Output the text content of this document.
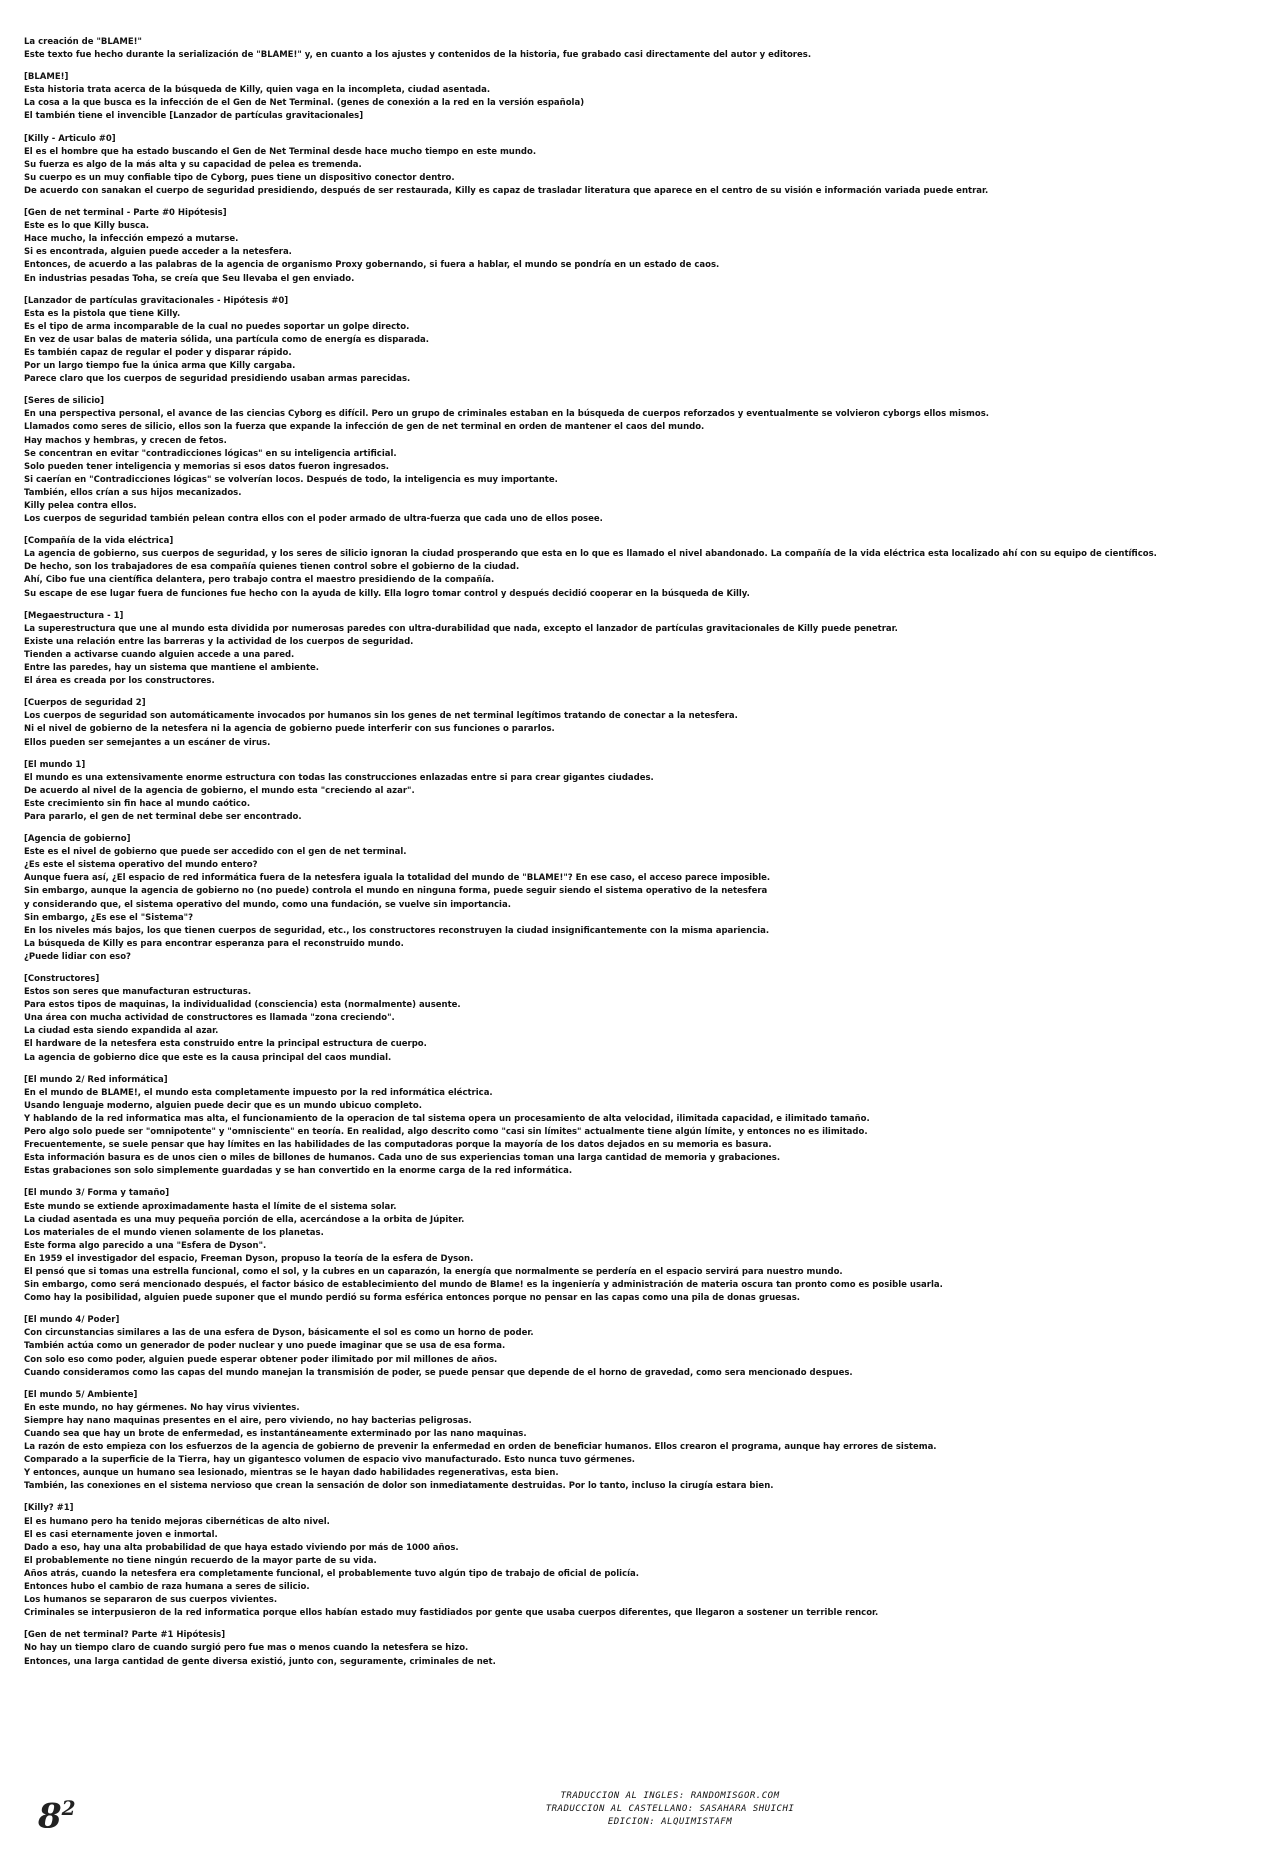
La creación de "BLAME!"
Este texto fue hecho durante la serialización de "BLAME!" y, en cuanto a los ajustes y contenidos de la historia, fue grabado casi directamente del autor y editores.
[BLAME!]
Esta historia trata acerca de la búsqueda de Killy, quien vaga en la incompleta, ciudad asentada.
La cosa a la que busca es la infección de el Gen de Net Terminal. (genes de conexión a la red en la versión española)
El también tiene el invencible [Lanzador de partículas gravitacionales]
[Killy - Articulo #0]
El es el hombre que ha estado buscando el Gen de Net Terminal desde hace mucho tiempo en este mundo.
Su fuerza es algo de la más alta y su capacidad de pelea es tremenda.
Su cuerpo es un muy confiable tipo de Cyborg, pues tiene un dispositivo conector dentro.
De acuerdo con sanakan el cuerpo de seguridad presidiendo, después de ser restaurada, Killy es capaz de trasladar literatura que aparece en el centro de su visión e información variada puede entrar.
[Gen de net terminal - Parte #0 Hipótesis]
Este es lo que Killy busca.
Hace mucho, la infección empezó a mutarse.
Si es encontrada, alguien puede acceder a la netesfera.
Entonces, de acuerdo a las palabras de la agencia de organismo Proxy gobernando, si fuera a hablar, el mundo se pondría en un estado de caos.
En industrias pesadas Toha, se creía que Seu llevaba el gen enviado.
[Lanzador de partículas gravitacionales - Hipótesis #0]
Esta es la pistola que tiene Killy.
Es el tipo de arma incomparable de la cual no puedes soportar un golpe directo.
En vez de usar balas de materia sólida, una partícula como de energía es disparada.
Es también capaz de regular el poder y disparar rápido.
Por un largo tiempo fue la única arma que Killy cargaba.
Parece claro que los cuerpos de seguridad presidiendo usaban armas parecidas.
[Seres de silicio]
En una perspectiva personal, el avance de las ciencias Cyborg es difícil. Pero un grupo de criminales estaban en la búsqueda de cuerpos reforzados y eventualmente se volvieron cyborgs ellos mismos.
Llamados como seres de silicio, ellos son la fuerza que expande la infección de gen de net terminal en orden de mantener el caos del mundo.
Hay machos y hembras, y crecen de fetos.
Se concentran en evitar "contradicciones lógicas" en su inteligencia artificial.
Solo pueden tener inteligencia y memorias si esos datos fueron ingresados.
Si caerían en "Contradicciones lógicas" se volverían locos. Después de todo, la inteligencia es muy importante.
También, ellos crían a sus hijos mecanizados.
Killy pelea contra ellos.
Los cuerpos de seguridad también pelean contra ellos con el poder armado de ultra-fuerza que cada uno de ellos posee.
[Compañía de la vida eléctrica]
La agencia de gobierno, sus cuerpos de seguridad, y los seres de silicio ignoran la ciudad prosperando que esta en lo que es llamado el nivel abandonado. La compañía de la vida eléctrica esta localizado ahí con su equipo de científicos.
De hecho, son los trabajadores de esa compañía quienes tienen control sobre el gobierno de la ciudad.
Ahí, Cibo fue una científica delantera, pero trabajo contra el maestro presidiendo de la compañía.
Su escape de ese lugar fuera de funciones fue hecho con la ayuda de killy. Ella logro tomar control y después decidió cooperar en la búsqueda de Killy.
[Megaestructura - 1]
La superestructura que une al mundo esta dividida por numerosas paredes con ultra-durabilidad que nada, excepto el lanzador de partículas gravitacionales de Killy puede penetrar.
Existe una relación entre las barreras y la actividad de los cuerpos de seguridad.
Tienden a activarse cuando alguien accede a una pared.
Entre las paredes, hay un sistema que mantiene el ambiente.
El área es creada por los constructores.
[Cuerpos de seguridad 2]
Los cuerpos de seguridad son automáticamente invocados por humanos sin los genes de net terminal legítimos tratando de conectar a la netesfera.
Ni el nivel de gobierno de la netesfera ni la agencia de gobierno puede interferir con sus funciones o pararlos.
Ellos pueden ser semejantes a un escáner de virus.
[El mundo 1]
El mundo es una extensivamente enorme estructura con todas las construcciones enlazadas entre si para crear gigantes ciudades.
De acuerdo al nivel de la agencia de gobierno, el mundo esta "creciendo al azar".
Este crecimiento sin fin hace al mundo caótico.
Para pararlo, el gen de net terminal debe ser encontrado.
[Agencia de gobierno]
Este es el nivel de gobierno que puede ser accedido con el gen de net terminal.
¿Es este el sistema operativo del mundo entero?
Aunque fuera así, ¿El espacio de red informática fuera de la netesfera iguala la totalidad del mundo de "BLAME!"? En ese caso, el acceso parece imposible.
Sin embargo, aunque la agencia de gobierno no (no puede) controla el mundo en ninguna forma, puede seguir siendo el sistema operativo de la netesfera
y considerando que, el sistema operativo del mundo, como una fundación, se vuelve sin importancia.
Sin embargo, ¿Es ese el "Sistema"?
En los niveles más bajos, los que tienen cuerpos de seguridad, etc., los constructores reconstruyen la ciudad insignificantemente con la misma apariencia.
La búsqueda de Killy es para encontrar esperanza para el reconstruido mundo.
¿Puede lidiar con eso?
[Constructores]
Estos son seres que manufacturan estructuras.
Para estos tipos de maquinas, la individualidad (consciencia) esta (normalmente) ausente.
Una área con mucha actividad de constructores es llamada "zona creciendo".
La ciudad esta siendo expandida al azar.
El hardware de la netesfera esta construido entre la principal estructura de cuerpo.
La agencia de gobierno dice que este es la causa principal del caos mundial.
[El mundo 2/ Red informática]
En el mundo de BLAME!, el mundo esta completamente impuesto por la red informática eléctrica.
Usando lenguaje moderno, alguien puede decir que es un mundo ubicuo completo.
Y hablando de la red informatica mas alta, el funcionamiento de la operacion de tal sistema opera un procesamiento de alta velocidad, ilimitada capacidad, e ilimitado tamaño.
Pero algo solo puede ser "omnipotente" y "omnisciente" en teoría. En realidad, algo descrito como "casi sin límites" actualmente tiene algún límite, y entonces no es ilimitado.
Frecuentemente, se suele pensar que hay límites en las habilidades de las computadoras porque la mayoría de los datos dejados en su memoria es basura.
Esta información basura es de unos cien o miles de billones de humanos. Cada uno de sus experiencias toman una larga cantidad de memoria y grabaciones.
Estas grabaciones son solo simplemente guardadas y se han convertido en la enorme carga de la red informática.
[El mundo 3/ Forma y tamaño]
Este mundo se extiende aproximadamente hasta el límite de el sistema solar.
La ciudad asentada es una muy pequeña porción de ella, acercándose a la orbita de Júpiter.
Los materiales de el mundo vienen solamente de los planetas.
Este forma algo parecido a una "Esfera de Dyson".
En 1959 el investigador del espacio, Freeman Dyson, propuso la teoría de la esfera de Dyson.
El pensó que si tomas una estrella funcional, como el sol, y la cubres en un caparazón, la energía que normalmente se perdería en el espacio servirá para nuestro mundo.
Sin embargo, como será mencionado después, el factor básico de establecimiento del mundo de Blame! es la ingeniería y administración de materia oscura tan pronto como es posible usarla.
Como hay la posibilidad, alguien puede suponer que el mundo perdió su forma esférica entonces porque no pensar en las capas como una pila de donas gruesas.
[El mundo 4/ Poder]
Con circunstancias similares a las de una esfera de Dyson, básicamente el sol es como un horno de poder.
También actúa como un generador de poder nuclear y uno puede imaginar que se usa de esa forma.
Con solo eso como poder, alguien puede esperar obtener poder ilimitado por mil millones de años.
Cuando consideramos como las capas del mundo manejan la transmisión de poder, se puede pensar que depende de el horno de gravedad, como sera mencionado despues.
[El mundo 5/ Ambiente]
En este mundo, no hay gérmenes. No hay virus vivientes.
Siempre hay nano maquinas presentes en el aire, pero viviendo, no hay bacterias peligrosas.
Cuando sea que hay un brote de enfermedad, es instantáneamente exterminado por las nano maquinas.
La razón de esto empieza con los esfuerzos de la agencia de gobierno de prevenir la enfermedad en orden de beneficiar humanos. Ellos crearon el programa, aunque hay errores de sistema.
Comparado a la superficie de la Tierra, hay un gigantesco volumen de espacio vivo manufacturado. Esto nunca tuvo gérmenes.
Y entonces, aunque un humano sea lesionado, mientras se le hayan dado habilidades regenerativas, esta bien.
También, las conexiones en el sistema nervioso que crean la sensación de dolor son inmediatamente destruidas. Por lo tanto, incluso la cirugía estara bien.
[Killy? #1]
El es humano pero ha tenido mejoras cibernéticas de alto nivel.
El es casi eternamente joven e inmortal.
Dado a eso, hay una alta probabilidad de que haya estado viviendo por más de 1000 años.
El probablemente no tiene ningún recuerdo de la mayor parte de su vida.
Años atrás, cuando la netesfera era completamente funcional, el probablemente tuvo algún tipo de trabajo de oficial de policía.
Entonces hubo el cambio de raza humana a seres de silicio.
Los humanos se separaron de sus cuerpos vivientes.
Criminales se interpusieron de la red informatica porque ellos habían estado muy fastidiados por gente que usaba cuerpos diferentes, que llegaron a sostener un terrible rencor.
[Gen de net terminal? Parte #1 Hipótesis]
No hay un tiempo claro de cuando surgió pero fue mas o menos cuando la netesfera se hizo.
Entonces, una larga cantidad de gente diversa existió, junto con, seguramente, criminales de net.
TRADUCCION AL INGLES: RANDOMISGOR.COM
TRADUCCION AL CASTELLANO: SASAHARA SHUICHI
EDICION: ALQUIMISTAFM
$8^2$
